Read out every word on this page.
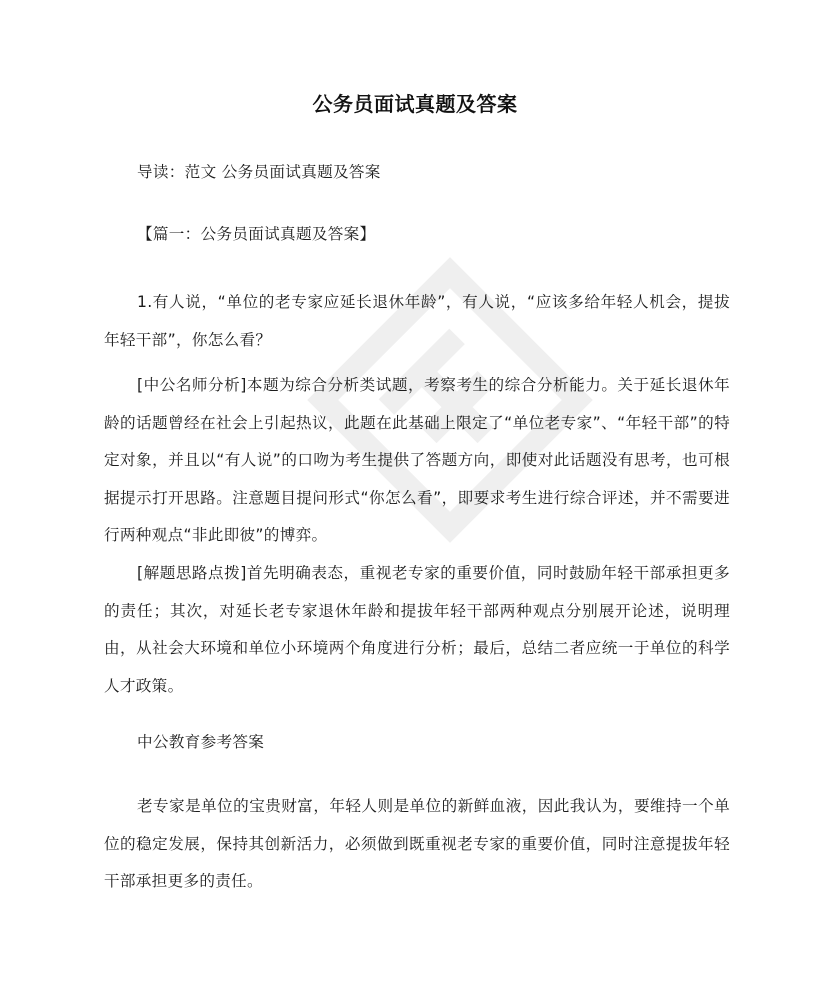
公务员面试真题及答案
导读：范文 公务员面试真题及答案
【篇一：公务员面试真题及答案】
1.有人说，“单位的老专家应延长退休年龄”，有人说，“应该多给年轻人机会，提拔年轻干部”，你怎么看？
[中公名师分析]本题为综合分析类试题，考察考生的综合分析能力。关于延长退休年龄的话题曾经在社会上引起热议，此题在此基础上限定了“单位老专家”、“年轻干部”的特定对象，并且以“有人说”的口吻为考生提供了答题方向，即使对此话题没有思考，也可根据提示打开思路。注意题目提问形式“你怎么看”，即要求考生进行综合评述，并不需要进行两种观点“非此即彼”的博弈。
[解题思路点拨]首先明确表态，重视老专家的重要价值，同时鼓励年轻干部承担更多的责任；其次，对延长老专家退休年龄和提拔年轻干部两种观点分别展开论述，说明理由，从社会大环境和单位小环境两个角度进行分析；最后，总结二者应统一于单位的科学人才政策。
中公教育参考答案
老专家是单位的宝贵财富，年轻人则是单位的新鲜血液，因此我认为，要维持一个单位的稳定发展，保持其创新活力，必须做到既重视老专家的重要价值，同时注意提拔年轻干部承担更多的责任。
